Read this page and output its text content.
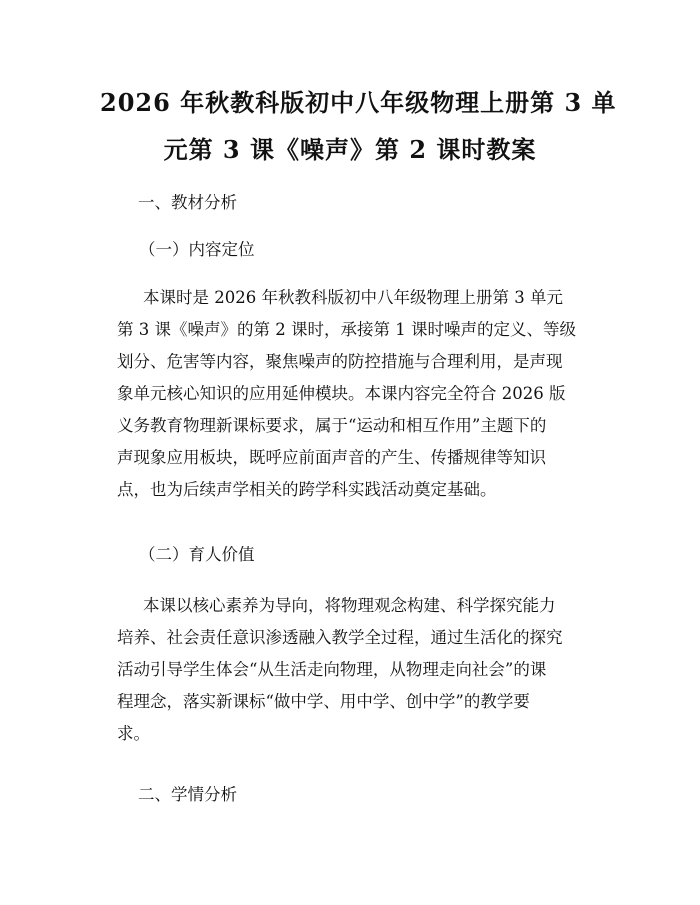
2026 年秋教科版初中八年级物理上册第 3 单
元第 3 课《噪声》第 2 课时教案
一、教材分析
（一）内容定位
本课时是 2026 年秋教科版初中八年级物理上册第 3 单元
第 3 课《噪声》的第 2 课时，承接第 1 课时噪声的定义、等级
划分、危害等内容，聚焦噪声的防控措施与合理利用，是声现
象单元核心知识的应用延伸模块。本课内容完全符合 2026 版
义务教育物理新课标要求，属于“运动和相互作用”主题下的
声现象应用板块，既呼应前面声音的产生、传播规律等知识
点，也为后续声学相关的跨学科实践活动奠定基础。
（二）育人价值
本课以核心素养为导向，将物理观念构建、科学探究能力
培养、社会责任意识渗透融入教学全过程，通过生活化的探究
活动引导学生体会“从生活走向物理，从物理走向社会”的课
程理念，落实新课标“做中学、用中学、创中学”的教学要
求。
二、学情分析
